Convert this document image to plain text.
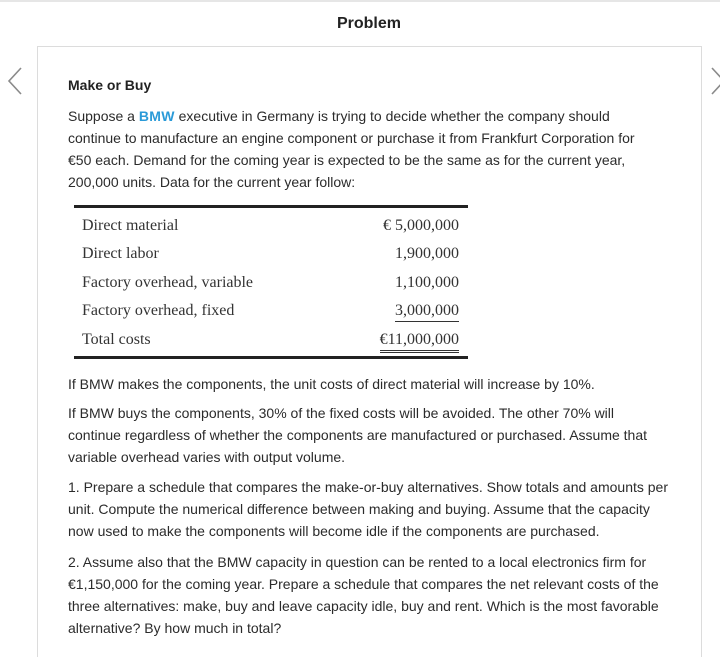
Problem
Make or Buy
Suppose a BMW executive in Germany is trying to decide whether the company should continue to manufacture an engine component or purchase it from Frankfurt Corporation for €50 each. Demand for the coming year is expected to be the same as for the current year, 200,000 units. Data for the current year follow:
Direct material	€ 5,000,000
Direct labor	1,900,000
Factory overhead, variable	1,100,000
Factory overhead, fixed	3,000,000
Total costs	€11,000,000
If BMW makes the components, the unit costs of direct material will increase by 10%.
If BMW buys the components, 30% of the fixed costs will be avoided. The other 70% will continue regardless of whether the components are manufactured or purchased. Assume that variable overhead varies with output volume.
1. Prepare a schedule that compares the make-or-buy alternatives. Show totals and amounts per unit. Compute the numerical difference between making and buying. Assume that the capacity now used to make the components will become idle if the components are purchased.
2. Assume also that the BMW capacity in question can be rented to a local electronics firm for €1,150,000 for the coming year. Prepare a schedule that compares the net relevant costs of the three alternatives: make, buy and leave capacity idle, buy and rent. Which is the most favorable alternative? By how much in total?
